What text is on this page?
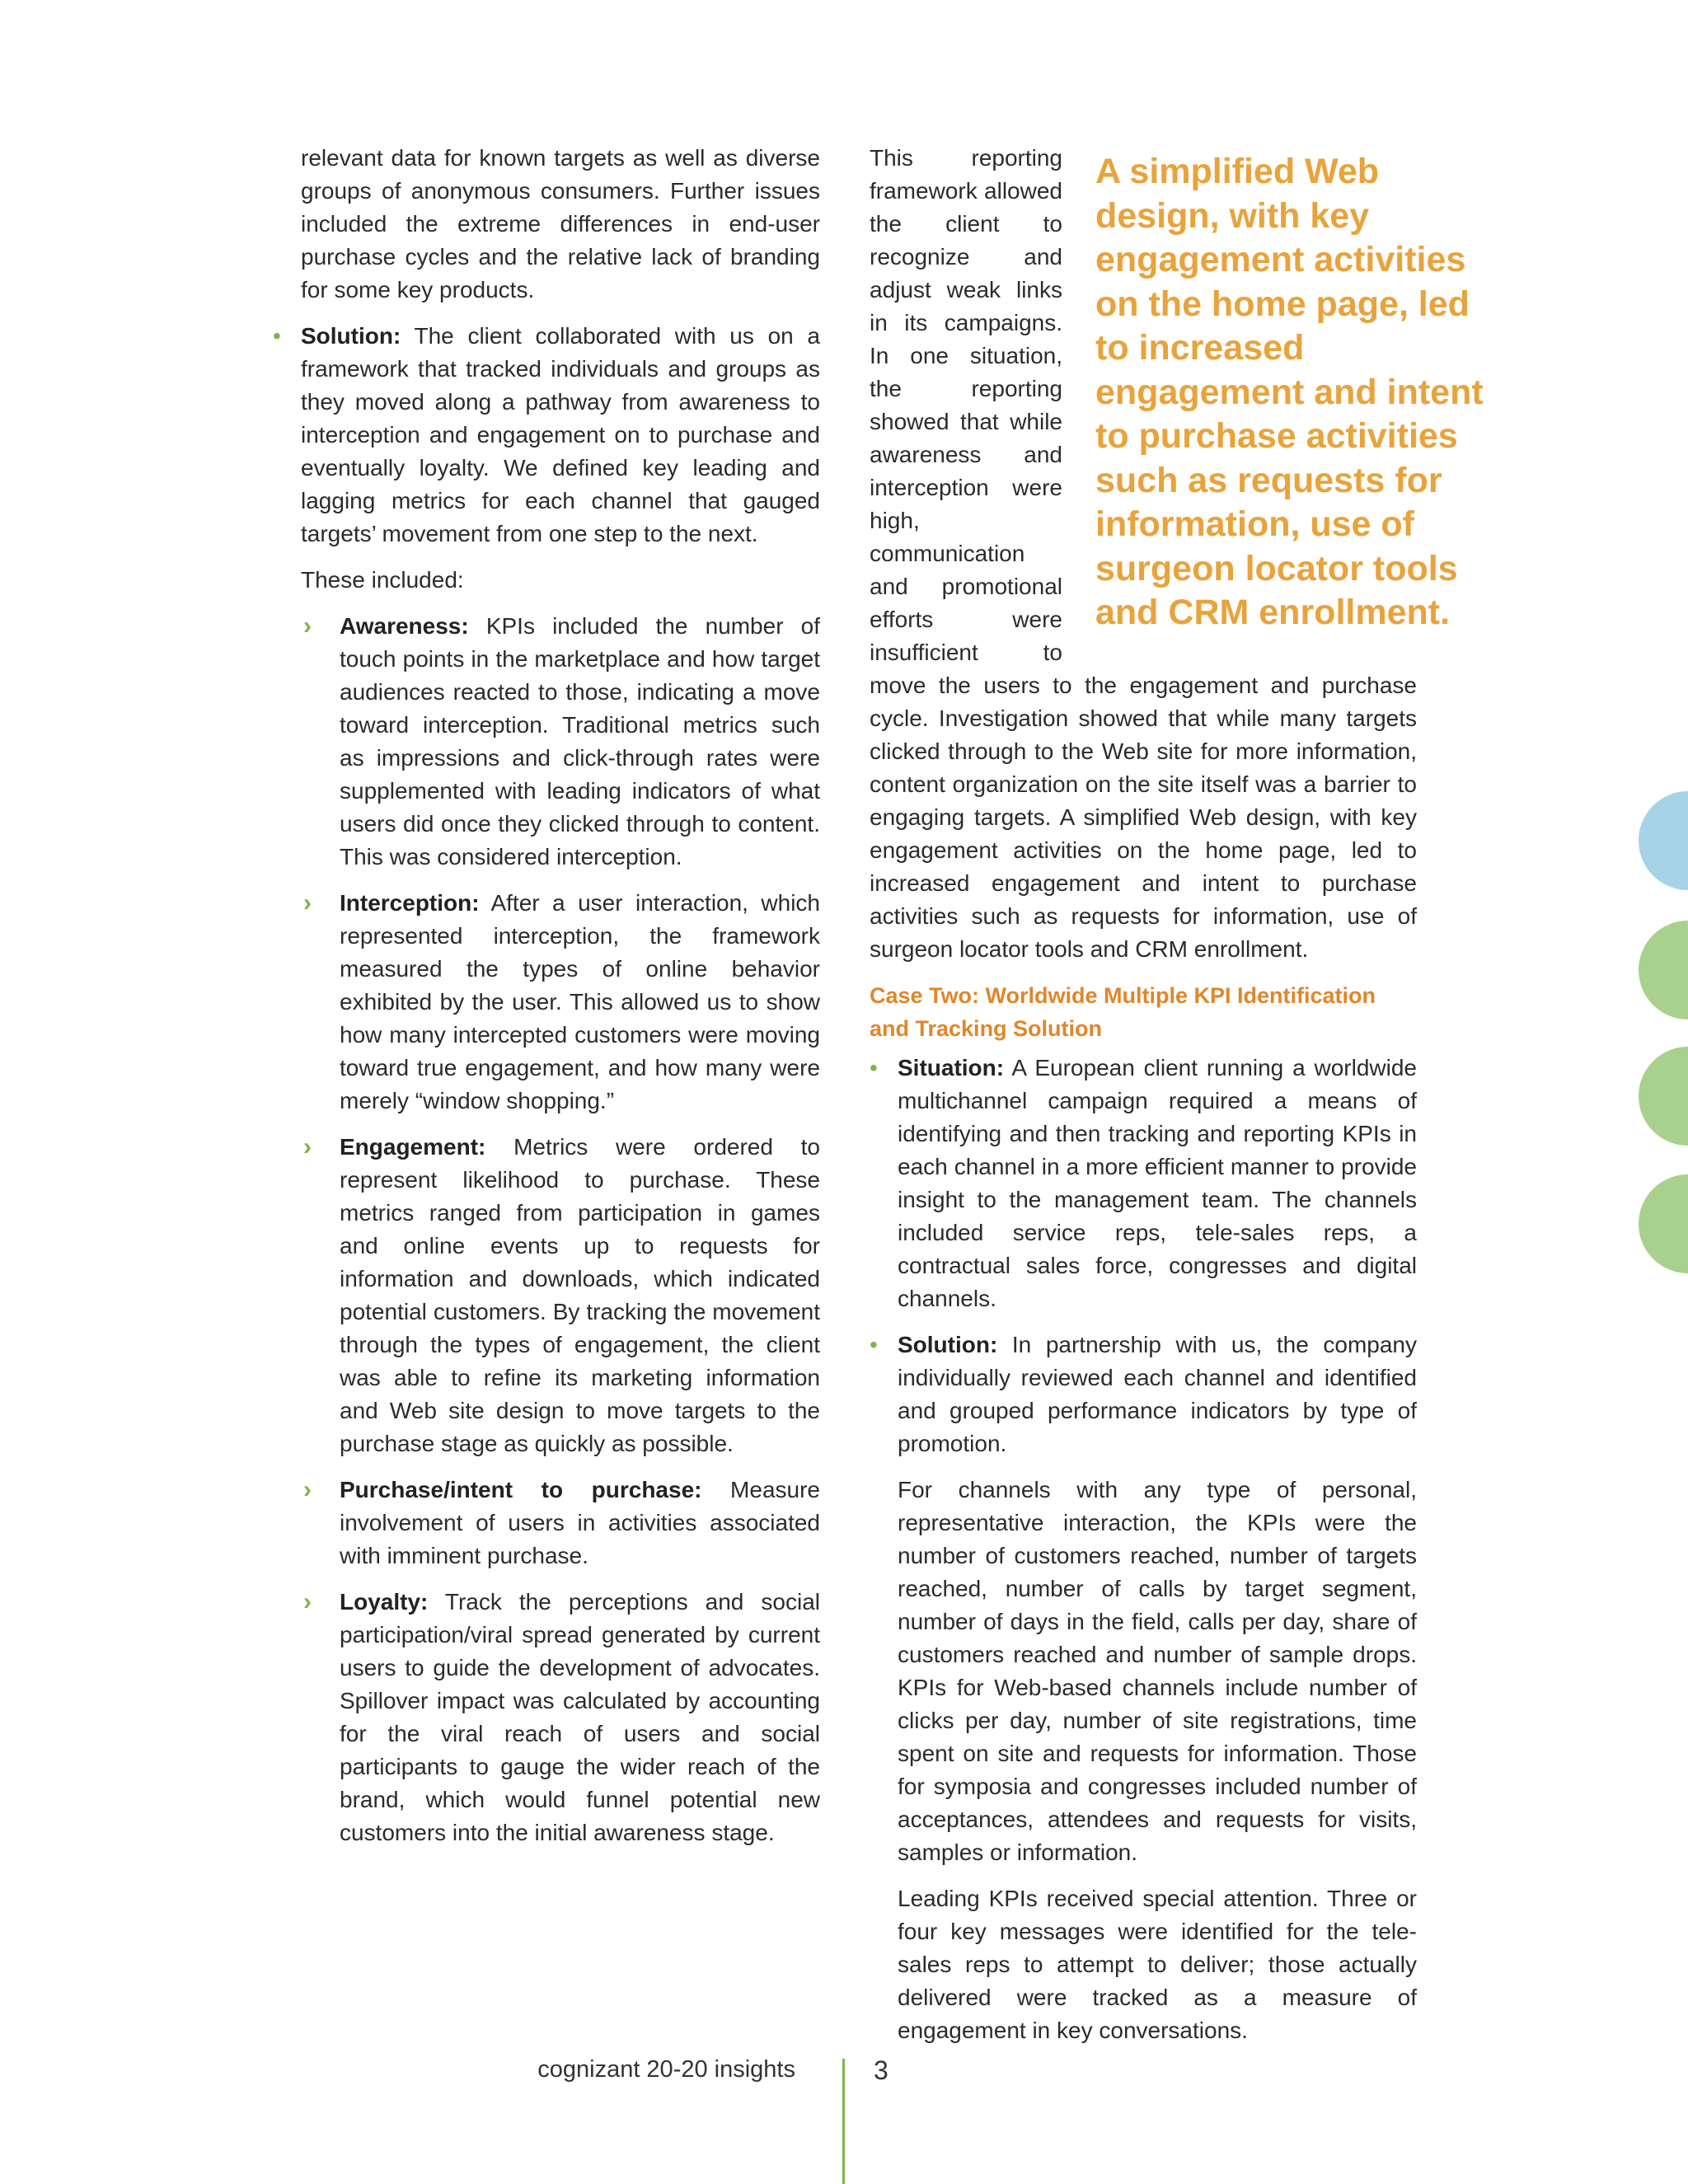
relevant data for known targets as well as diverse groups of anonymous consumers. Further issues included the extreme differences in end-user purchase cycles and the relative lack of branding for some key products.

• Solution: The client collaborated with us on a framework that tracked individuals and groups as they moved along a pathway from awareness to interception and engagement on to purchase and eventually loyalty. We defined key leading and lagging metrics for each channel that gauged targets’ movement from one step to the next.

These included:

› Awareness: KPIs included the number of touch points in the marketplace and how target audiences reacted to those, indicating a move toward interception. Traditional metrics such as impressions and click-through rates were supplemented with leading indicators of what users did once they clicked through to content. This was considered interception.

› Interception: After a user interaction, which represented interception, the framework measured the types of online behavior exhibited by the user. This allowed us to show how many intercepted customers were moving toward true engagement, and how many were merely “window shopping.”

› Engagement: Metrics were ordered to represent likelihood to purchase. These metrics ranged from participation in games and online events up to requests for information and downloads, which indicated potential customers. By tracking the movement through the types of engagement, the client was able to refine its marketing information and Web site design to move targets to the purchase stage as quickly as possible.

› Purchase/intent to purchase: Measure involvement of users in activities associated with imminent purchase.

› Loyalty: Track the perceptions and social participation/viral spread generated by current users to guide the development of advocates. Spillover impact was calculated by accounting for the viral reach of users and social participants to gauge the wider reach of the brand, which would funnel potential new customers into the initial awareness stage.

A simplified Web design, with key engagement activities on the home page, led to increased engagement and intent to purchase activities such as requests for information, use of surgeon locator tools and CRM enrollment.
This reporting framework allowed the client to recognize and adjust weak links in its campaigns. In one situation, the reporting showed that while awareness and interception were high, communication and promotional efforts were insufficient to move the users to the engagement and purchase cycle. Investigation showed that while many targets clicked through to the Web site for more information, content organization on the site itself was a barrier to engaging targets. A simplified Web design, with key engagement activities on the home page, led to increased engagement and intent to purchase activities such as requests for information, use of surgeon locator tools and CRM enrollment.

Case Two: Worldwide Multiple KPI Identification and Tracking Solution

• Situation: A European client running a worldwide multichannel campaign required a means of identifying and then tracking and reporting KPIs in each channel in a more efficient manner to provide insight to the management team. The channels included service reps, tele-sales reps, a contractual sales force, congresses and digital channels.

• Solution: In partnership with us, the company individually reviewed each channel and identified and grouped performance indicators by type of promotion.

For channels with any type of personal, representative interaction, the KPIs were the number of customers reached, number of targets reached, number of calls by target segment, number of days in the field, calls per day, share of customers reached and number of sample drops. KPIs for Web-based channels include number of clicks per day, number of site registrations, time spent on site and requests for information. Those for symposia and congresses included number of acceptances, attendees and requests for visits, samples or information.

Leading KPIs received special attention. Three or four key messages were identified for the tele-sales reps to attempt to deliver; those actually delivered were tracked as a measure of engagement in key conversations.

cognizant 20-20 insights	3
